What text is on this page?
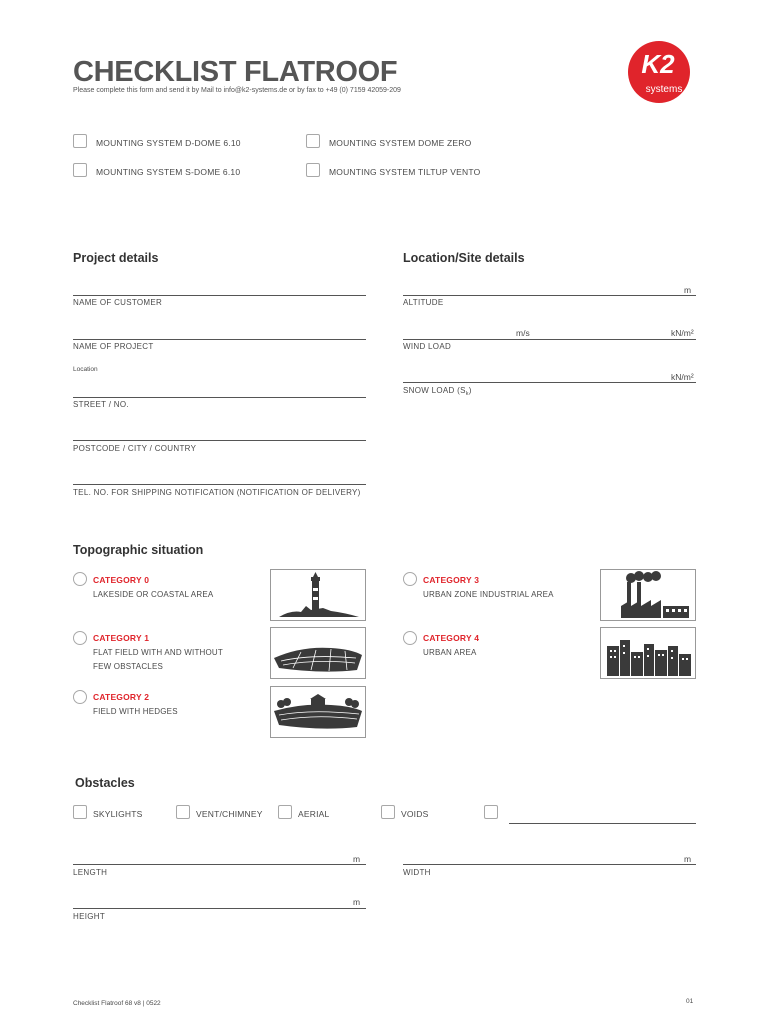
CHECKLIST FLATROOF
Please complete this form and send it by Mail to info@k2-systems.de or by fax to +49 (0) 7159 42059-209
K2
systems
MOUNTING SYSTEM D-DOME 6.10	MOUNTING SYSTEM DOME ZERO
MOUNTING SYSTEM S-DOME 6.10	MOUNTING SYSTEM TILTUP VENTO
Project details
NAME OF CUSTOMER
NAME OF PROJECT
Location
STREET / NO.
POSTCODE / CITY / COUNTRY
TEL. NO. FOR SHIPPING NOTIFICATION (NOTIFICATION OF DELIVERY)
Location/Site details
m
ALTITUDE
m/s	kN/m²
WIND LOAD
kN/m²
SNOW LOAD $(S_k)$
Topographic situation
CATEGORY 0
LAKESIDE OR COASTAL AREA
CATEGORY 1
FLAT FIELD WITH AND WITHOUT
FEW OBSTACLES
CATEGORY 2
FIELD WITH HEDGES
CATEGORY 3
URBAN ZONE INDUSTRIAL AREA
CATEGORY 4
URBAN AREA
Obstacles
SKYLIGHTS	VENT/CHIMNEY	AERIAL	VOIDS
m
LENGTH
m
WIDTH
m
HEIGHT
Checklist Flatroof 68 v8 | 0522	01
